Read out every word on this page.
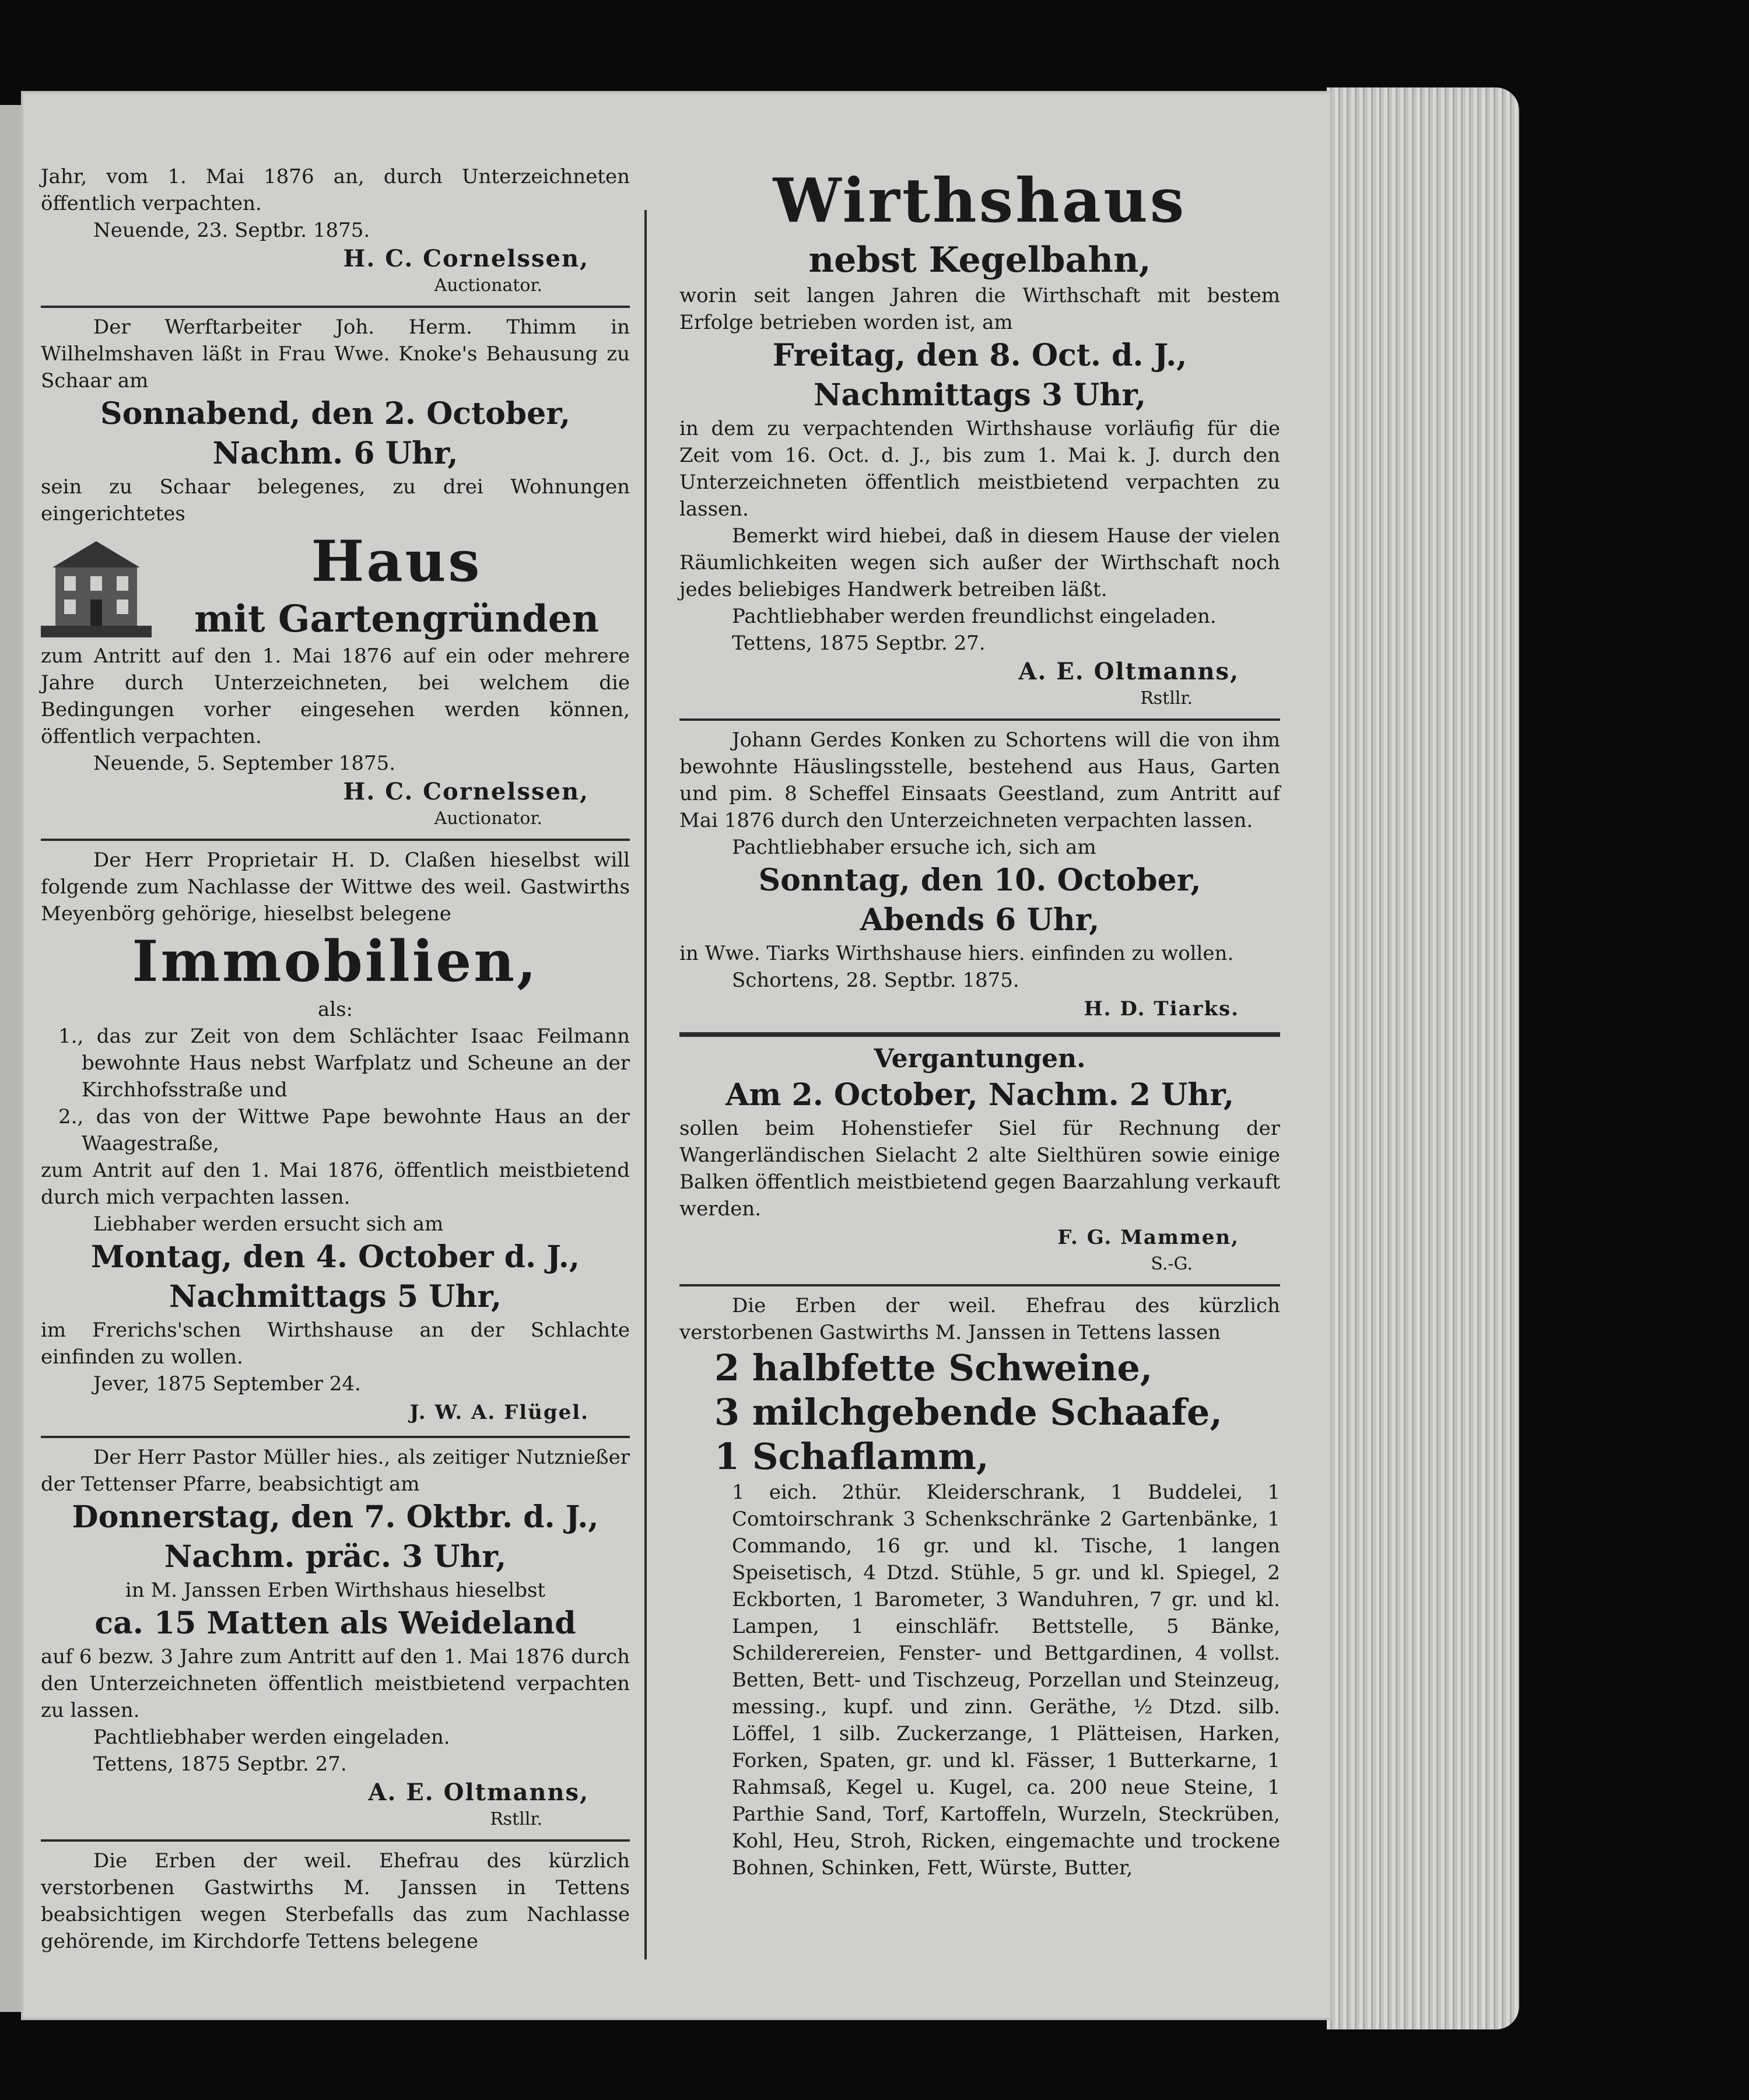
Jahr, vom 1. Mai 1876 an, durch Unterzeichneten öffentlich verpachten.

Neuende, 23. Septbr. 1875.

H. C. Cornelssen,

Auctionator.

Der Werftarbeiter Joh. Herm. Thimm in Wilhelmshaven läßt in Frau Wwe. Knoke's Behausung zu Schaar am

Sonnabend, den 2. October,

Nachm. 6 Uhr,

sein zu Schaar belegenes, zu drei Wohnungen eingerichtetes

Haus

mit Gartengründen

zum Antritt auf den 1. Mai 1876 auf ein oder mehrere Jahre durch Unterzeichneten, bei welchem die Bedingungen vorher eingesehen werden können, öffentlich verpachten.

Neuende, 5. September 1875.

H. C. Cornelssen,

Auctionator.

Der Herr Proprietair H. D. Claßen hieselbst will folgende zum Nachlasse der Wittwe des weil. Gastwirths Meyenbörg gehörige, hieselbst belegene

Immobilien,

als:

1., das zur Zeit von dem Schlächter Isaac Feilmann bewohnte Haus nebst Warfplatz und Scheune an der Kirchhofsstraße und

2., das von der Wittwe Pape bewohnte Haus an der Waagestraße,

zum Antrit auf den 1. Mai 1876, öffentlich meistbietend durch mich verpachten lassen.

Liebhaber werden ersucht sich am

Montag, den 4. October d. J.,

Nachmittags 5 Uhr,

im Frerichs'schen Wirthshause an der Schlachte einfinden zu wollen.

Jever, 1875 September 24.

J. W. A. Flügel.

Der Herr Pastor Müller hies., als zeitiger Nutznießer der Tettenser Pfarre, beabsichtigt am

Donnerstag, den 7. Oktbr. d. J.,

Nachm. präc. 3 Uhr,

in M. Janssen Erben Wirthshaus hieselbst

ca. 15 Matten als Weideland

auf 6 bezw. 3 Jahre zum Antritt auf den 1. Mai 1876 durch den Unterzeichneten öffentlich meistbietend verpachten zu lassen.

Pachtliebhaber werden eingeladen.

Tettens, 1875 Septbr. 27.

A. E. Oltmanns,

Rstllr.

Die Erben der weil. Ehefrau des kürzlich verstorbenen Gastwirths M. Janssen in Tettens beabsichtigen wegen Sterbefalls das zum Nachlasse gehörende, im Kirchdorfe Tettens belegene

Wirthshaus

nebst Kegelbahn,

worin seit langen Jahren die Wirthschaft mit bestem Erfolge betrieben worden ist, am

Freitag, den 8. Oct. d. J.,

Nachmittags 3 Uhr,

in dem zu verpachtenden Wirthshause vorläufig für die Zeit vom 16. Oct. d. J., bis zum 1. Mai k. J. durch den Unterzeichneten öffentlich meistbietend verpachten zu lassen.

Bemerkt wird hiebei, daß in diesem Hause der vielen Räumlichkeiten wegen sich außer der Wirthschaft noch jedes beliebiges Handwerk betreiben läßt.

Pachtliebhaber werden freundlichst eingeladen.

Tettens, 1875 Septbr. 27.

A. E. Oltmanns,

Rstllr.

Johann Gerdes Konken zu Schortens will die von ihm bewohnte Häuslingsstelle, bestehend aus Haus, Garten und pim. 8 Scheffel Einsaats Geestland, zum Antritt auf Mai 1876 durch den Unterzeichneten verpachten lassen.

Pachtliebhaber ersuche ich, sich am

Sonntag, den 10. October,

Abends 6 Uhr,

in Wwe. Tiarks Wirthshause hiers. einfinden zu wollen.

Schortens, 28. Septbr. 1875.

H. D. Tiarks.

Vergantungen.

Am 2. October, Nachm. 2 Uhr,

sollen beim Hohenstiefer Siel für Rechnung der Wangerländischen Sielacht 2 alte Sielthüren sowie einige Balken öffentlich meistbietend gegen Baarzahlung verkauft werden.

F. G. Mammen,

S.-G.

Die Erben der weil. Ehefrau des kürzlich verstorbenen Gastwirths M. Janssen in Tettens lassen

2 halbfette Schweine,

3 milchgebende Schaafe,

1 Schaflamm,

1 eich. 2thür. Kleiderschrank, 1 Buddelei, 1 Comtoirschrank 3 Schenkschränke 2 Gartenbänke, 1 Commando, 16 gr. und kl. Tische, 1 langen Speisetisch, 4 Dtzd. Stühle, 5 gr. und kl. Spiegel, 2 Eckborten, 1 Barometer, 3 Wanduhren, 7 gr. und kl. Lampen, 1 einschläfr. Bettstelle, 5 Bänke, Schilderereien, Fenster- und Bettgardinen, 4 vollst. Betten, Bett- und Tischzeug, Porzellan und Steinzeug, messing., kupf. und zinn. Geräthe, ½ Dtzd. silb. Löffel, 1 silb. Zuckerzange, 1 Plätteisen, Harken, Forken, Spaten, gr. und kl. Fässer, 1 Butterkarne, 1 Rahmsaß, Kegel u. Kugel, ca. 200 neue Steine, 1 Parthie Sand, Torf, Kartoffeln, Wurzeln, Steckrüben, Kohl, Heu, Stroh, Ricken, eingemachte und trockene Bohnen, Schinken, Fett, Würste, Butter,
